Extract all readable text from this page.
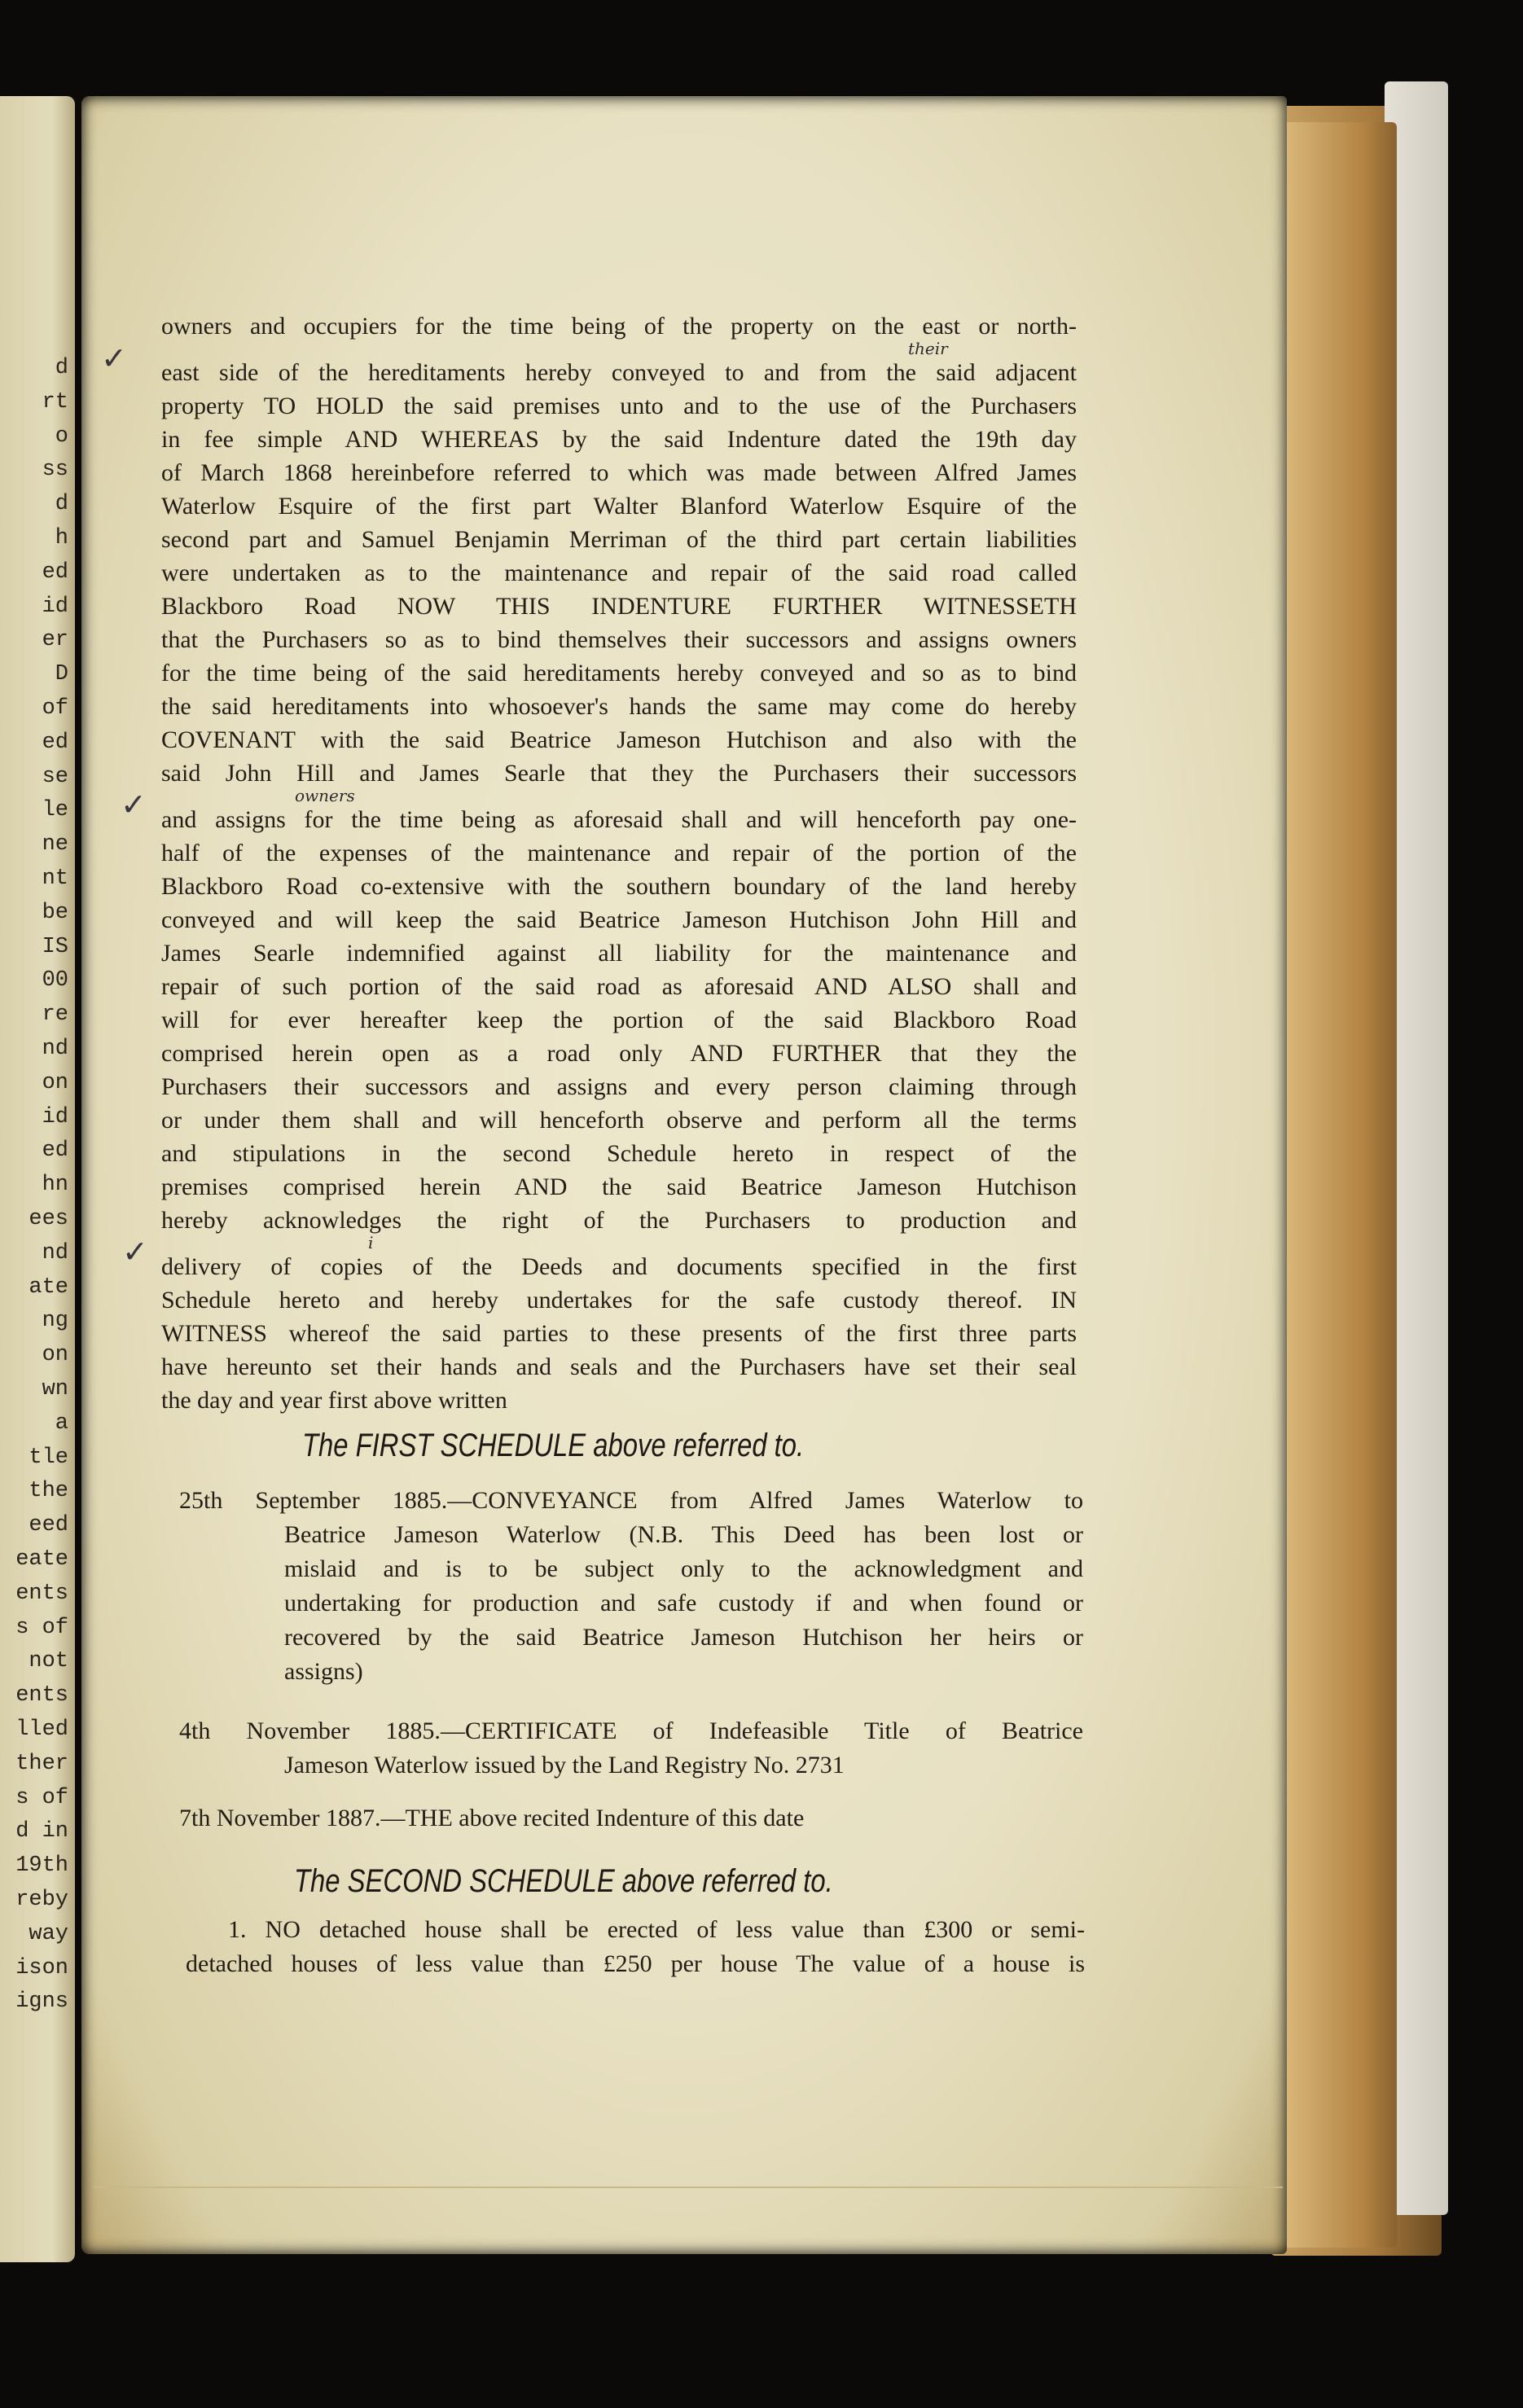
d
rt
o
ss
d
h
ed
id
er
D
of
ed
se
le
ne
nt
be
IS
00
re
nd
on
id
ed
hn
ees
nd
ate
ng
on
wn
a
tle
the
eed
eate
ents
s of
not
ents
lled
ther
s of
d in
19th
reby
way
ison
igns
owners and occupiers for the time being of the property on the east or north-
east side of the hereditaments hereby conveyed to and from the said adjacent
property TO HOLD the said premises unto and to the use of the Purchasers
in fee simple AND WHEREAS by the said Indenture dated the 19th day
of March 1868 hereinbefore referred to which was made between Alfred James
Waterlow Esquire of the first part Walter Blanford Waterlow Esquire of the
second part and Samuel Benjamin Merriman of the third part certain liabilities
were undertaken as to the maintenance and repair of the said road called
Blackboro Road NOW THIS INDENTURE FURTHER WITNESSETH
that the Purchasers so as to bind themselves their successors and assigns owners
for the time being of the said hereditaments hereby conveyed and so as to bind
the said hereditaments into whosoever's hands the same may come do hereby
COVENANT with the said Beatrice Jameson Hutchison and also with the
said John Hill and James Searle that they the Purchasers their successors
and assigns for the time being as aforesaid shall and will henceforth pay one-
half of the expenses of the maintenance and repair of the portion of the
Blackboro Road co-extensive with the southern boundary of the land hereby
conveyed and will keep the said Beatrice Jameson Hutchison John Hill and
James Searle indemnified against all liability for the maintenance and
repair of such portion of the said road as aforesaid AND ALSO shall and
will for ever hereafter keep the portion of the said Blackboro Road
comprised herein open as a road only AND FURTHER that they the
Purchasers their successors and assigns and every person claiming through
or under them shall and will henceforth observe and perform all the terms
and stipulations in the second Schedule hereto in respect of the
premises comprised herein AND the said Beatrice Jameson Hutchison
hereby acknowledges the right of the Purchasers to production and
delivery of copies of the Deeds and documents specified in the first
Schedule hereto and hereby undertakes for the safe custody thereof. IN
WITNESS whereof the said parties to these presents of the first three parts
have hereunto set their hands and seals and the Purchasers have set their seal
the day and year first above written
The FIRST SCHEDULE above referred to.
25th September 1885.—CONVEYANCE from Alfred James Waterlow to
Beatrice Jameson Waterlow (N.B. This Deed has been lost or
mislaid and is to be subject only to the acknowledgment and
undertaking for production and safe custody if and when found or
recovered by the said Beatrice Jameson Hutchison her heirs or
assigns)
4th November 1885.—CERTIFICATE of Indefeasible Title of Beatrice
Jameson Waterlow issued by the Land Registry No. 2731
7th November 1887.—THE above recited Indenture of this date
The SECOND SCHEDULE above referred to.
1. NO detached house shall be erected of less value than £300 or semi-
detached houses of less value than £250 per house The value of a house is
✓
✓
✓
their
owners
i
